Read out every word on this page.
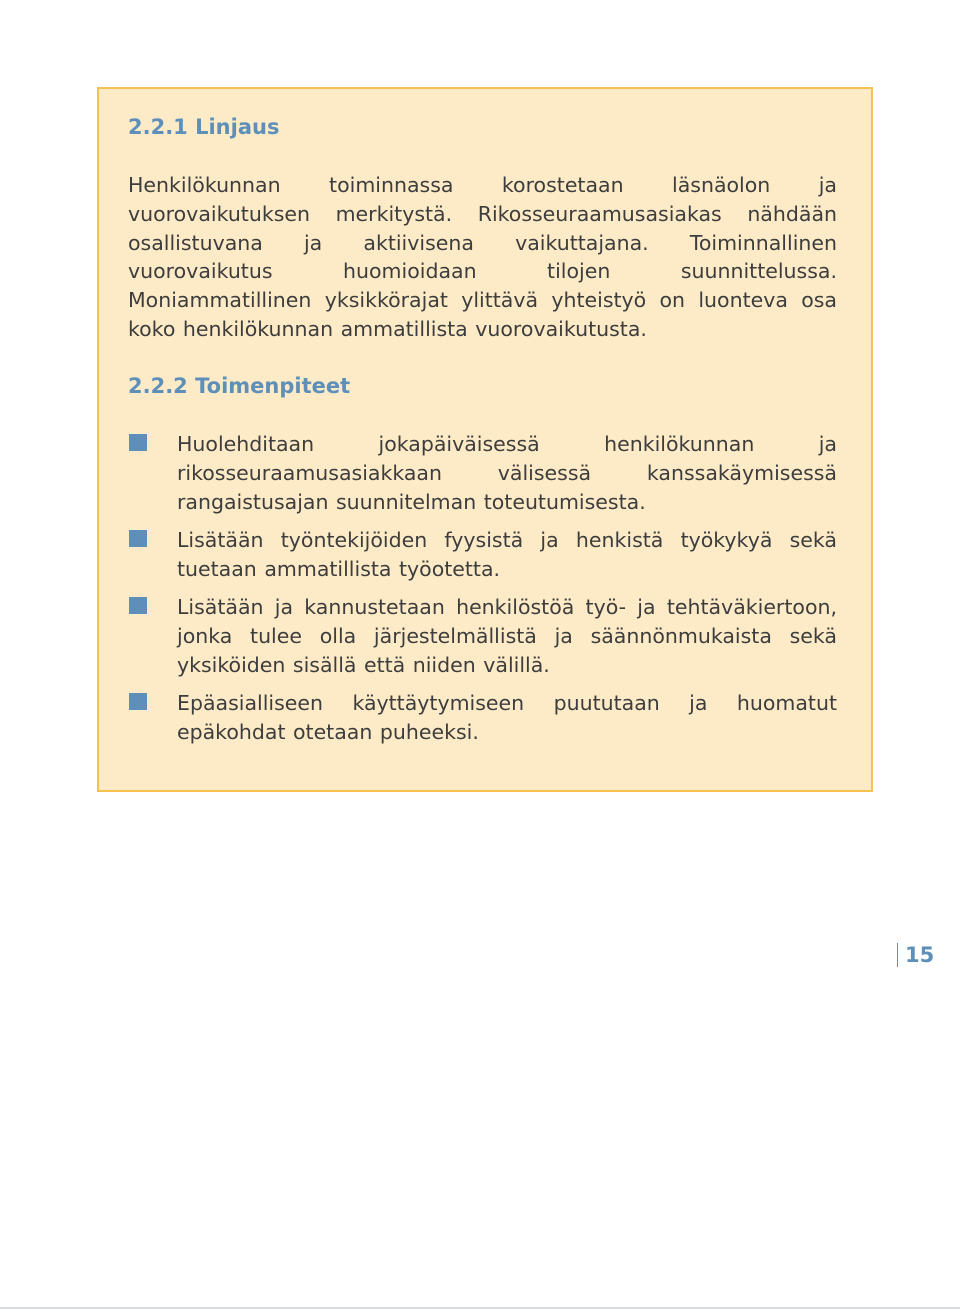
2.2.1 Linjaus
Henkilökunnan toiminnassa korostetaan läsnäolon ja vuorovaikutuksen merkitystä. Rikosseuraamusasiakas nähdään osallistuvana ja aktiivisena vaikuttajana. Toiminnallinen vuorovaikutus huomioidaan tilojen suunnittelussa. Moniammatillinen yksikkörajat ylittävä yhteistyö on luonteva osa koko henkilökunnan ammatillista vuorovaikutusta.
2.2.2 Toimenpiteet
Huolehditaan jokapäiväisessä henkilökunnan ja rikosseuraamusasiakkaan välisessä kanssakäymisessä rangaistusajan suunnitelman toteutumisesta.
Lisätään työntekijöiden fyysistä ja henkistä työkykyä sekä tuetaan ammatillista työotetta.
Lisätään ja kannustetaan henkilöstöä työ- ja tehtäväkiertoon, jonka tulee olla järjestelmällistä ja säännönmukaista sekä yksiköiden sisällä että niiden välillä.
Epäasialliseen käyttäytymiseen puututaan ja huomatut epäkohdat otetaan puheeksi.
15
